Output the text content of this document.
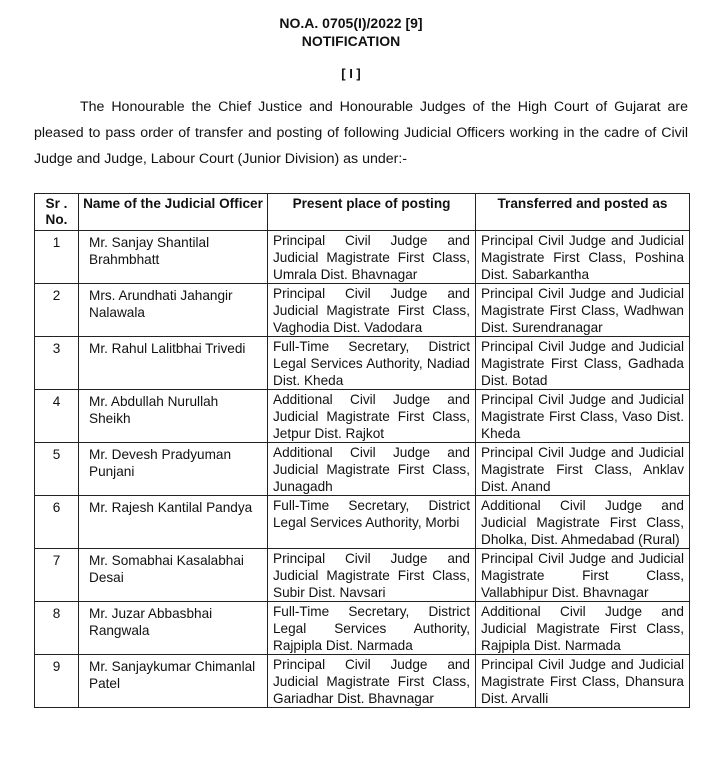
NO.A. 0705(I)/2022 [9]
NOTIFICATION
[ I ]

The Honourable the Chief Justice and Honourable Judges of the High Court of Gujarat are pleased to pass order of transfer and posting of following Judicial Officers working in the cadre of Civil Judge and Judge, Labour Court (Junior Division) as under:-

Sr . No.	Name of the Judicial Officer	Present place of posting	Transferred and posted as
1	Mr. Sanjay Shantilal Brahmbhatt	Principal Civil Judge and Judicial Magistrate First Class, Umrala Dist. Bhavnagar	Principal Civil Judge and Judicial Magistrate First Class, Poshina Dist. Sabarkantha
2	Mrs. Arundhati Jahangir Nalawala	Principal Civil Judge and Judicial Magistrate First Class, Vaghodia Dist. Vadodara	Principal Civil Judge and Judicial Magistrate First Class, Wadhwan Dist. Surendranagar
3	Mr. Rahul Lalitbhai Trivedi	Full-Time Secretary, District Legal Services Authority, Nadiad Dist. Kheda	Principal Civil Judge and Judicial Magistrate First Class, Gadhada Dist. Botad
4	Mr. Abdullah Nurullah Sheikh	Additional Civil Judge and Judicial Magistrate First Class, Jetpur Dist. Rajkot	Principal Civil Judge and Judicial Magistrate First Class, Vaso Dist. Kheda
5	Mr. Devesh Pradyuman Punjani	Additional Civil Judge and Judicial Magistrate First Class, Junagadh	Principal Civil Judge and Judicial Magistrate First Class, Anklav Dist. Anand
6	Mr. Rajesh Kantilal Pandya	Full-Time Secretary, District Legal Services Authority, Morbi	Additional Civil Judge and Judicial Magistrate First Class, Dholka, Dist. Ahmedabad (Rural)
7	Mr. Somabhai Kasalabhai Desai	Principal Civil Judge and Judicial Magistrate First Class, Subir Dist. Navsari	Principal Civil Judge and Judicial Magistrate First Class, Vallabhipur Dist. Bhavnagar
8	Mr. Juzar Abbasbhai Rangwala	Full-Time Secretary, District Legal Services Authority, Rajpipla Dist. Narmada	Additional Civil Judge and Judicial Magistrate First Class, Rajpipla Dist. Narmada
9	Mr. Sanjaykumar Chimanlal Patel	Principal Civil Judge and Judicial Magistrate First Class, Gariadhar Dist. Bhavnagar	Principal Civil Judge and Judicial Magistrate First Class, Dhansura Dist. Arvalli
